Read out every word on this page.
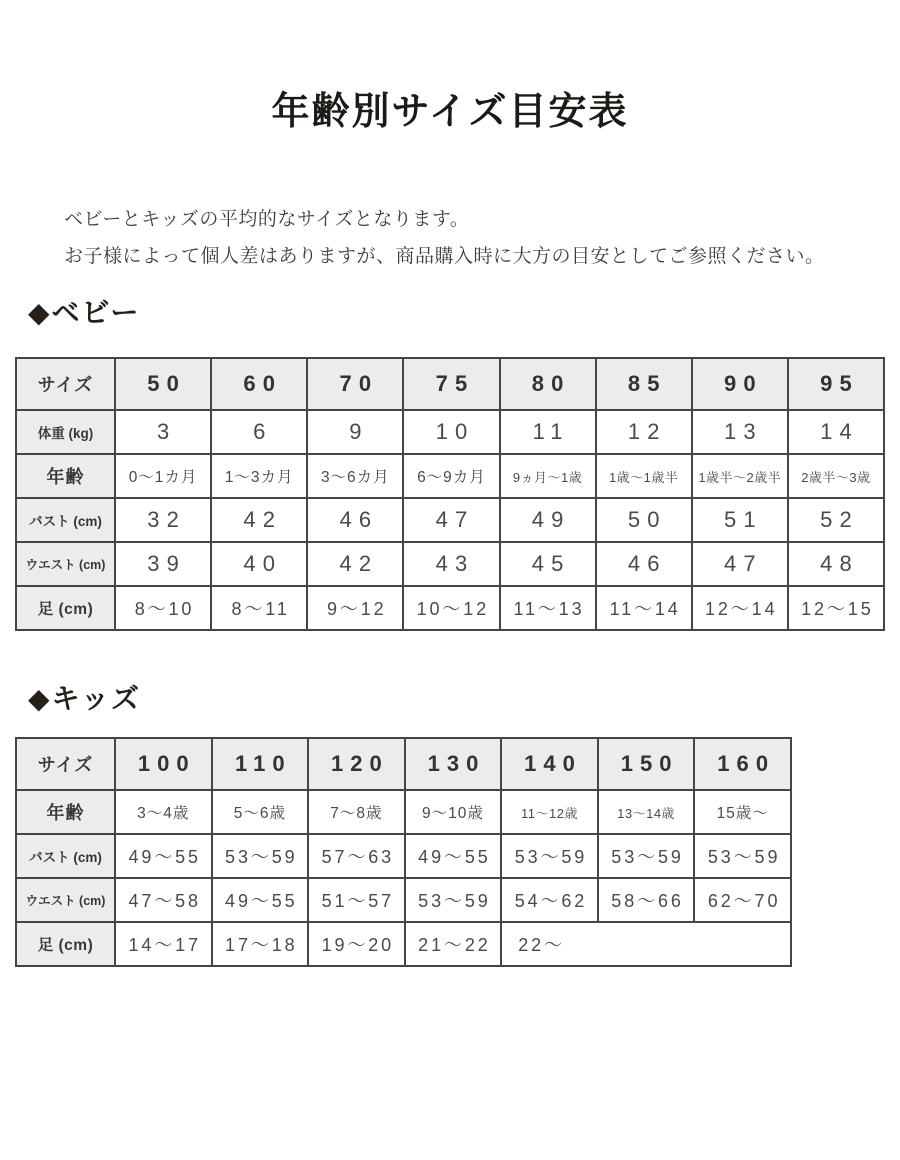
年齢別サイズ目安表
ベビーとキッズの平均的なサイズとなります。
お子様によって個人差はありますが、商品購入時に大方の目安としてご参照ください。
◆ベビー
サイズ	50	60	70	75	80	85	90	95
体重 (kg)	3	6	9	10	11	12	13	14
年齢	0〜1カ月	1〜3カ月	3〜6カ月	6〜9カ月	9ヵ月〜1歳	1歳〜1歳半	1歳半〜2歳半	2歳半〜3歳
バスト (cm)	32	42	46	47	49	50	51	52
ウエスト (cm)	39	40	42	43	45	46	47	48
足 (cm)	8〜10	8〜11	9〜12	10〜12	11〜13	11〜14	12〜14	12〜15
◆キッズ
サイズ	100	110	120	130	140	150	160
年齢	3〜4歳	5〜6歳	7〜8歳	9〜10歳	11〜12歳	13〜14歳	15歳〜
バスト (cm)	49〜55	53〜59	57〜63	49〜55	53〜59	53〜59	53〜59
ウエスト (cm)	47〜58	49〜55	51〜57	53〜59	54〜62	58〜66	62〜70
足 (cm)	14〜17	17〜18	19〜20	21〜22	22〜		
